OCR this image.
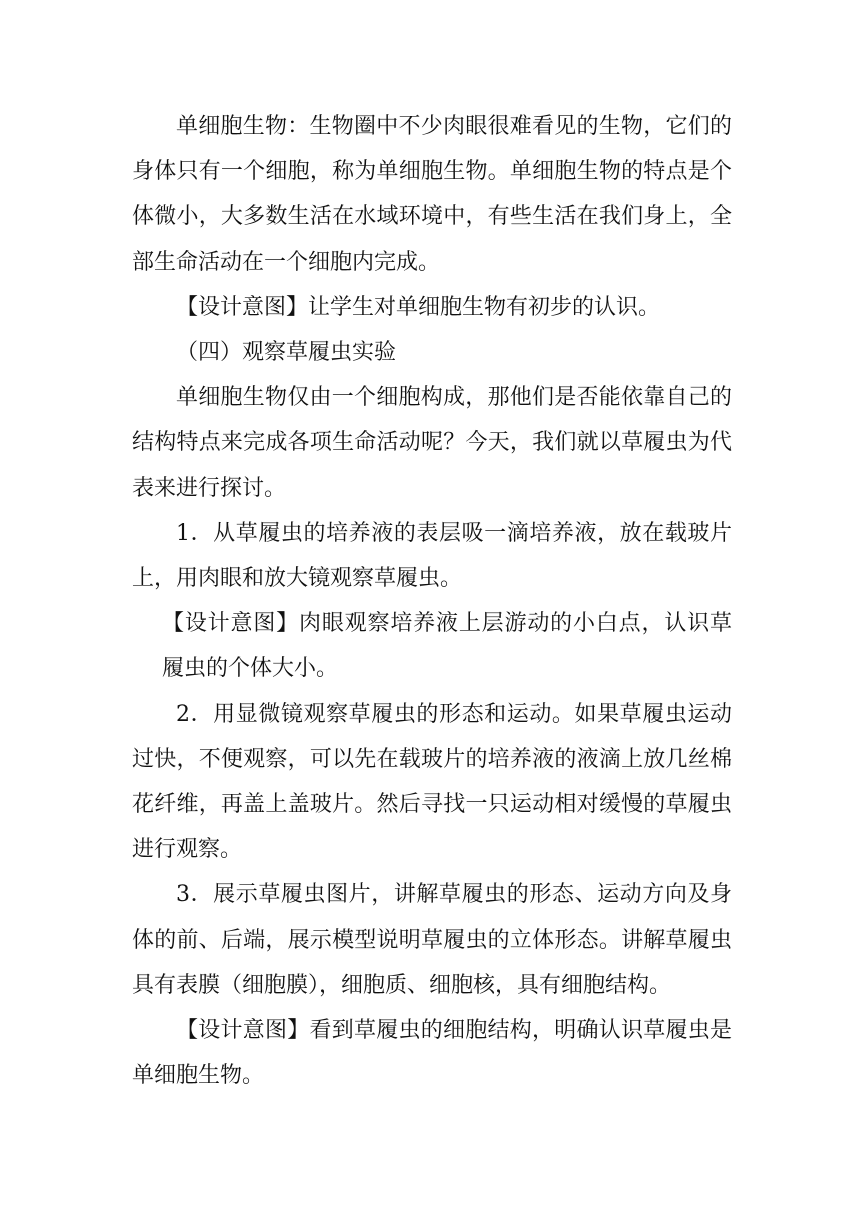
单细胞生物：生物圈中不少肉眼很难看见的生物，它们的身体只有一个细胞，称为单细胞生物。单细胞生物的特点是个体微小，大多数生活在水域环境中，有些生活在我们身上，全部生命活动在一个细胞内完成。

【设计意图】让学生对单细胞生物有初步的认识。

（四）观察草履虫实验

单细胞生物仅由一个细胞构成，那他们是否能依靠自己的结构特点来完成各项生命活动呢？今天，我们就以草履虫为代表来进行探讨。

1．从草履虫的培养液的表层吸一滴培养液，放在载玻片上，用肉眼和放大镜观察草履虫。

【设计意图】肉眼观察培养液上层游动的小白点，认识草履虫的个体大小。

2．用显微镜观察草履虫的形态和运动。如果草履虫运动过快，不便观察，可以先在载玻片的培养液的液滴上放几丝棉花纤维，再盖上盖玻片。然后寻找一只运动相对缓慢的草履虫进行观察。

3．展示草履虫图片，讲解草履虫的形态、运动方向及身体的前、后端，展示模型说明草履虫的立体形态。讲解草履虫具有表膜（细胞膜），细胞质、细胞核，具有细胞结构。

【设计意图】看到草履虫的细胞结构，明确认识草履虫是单细胞生物。
